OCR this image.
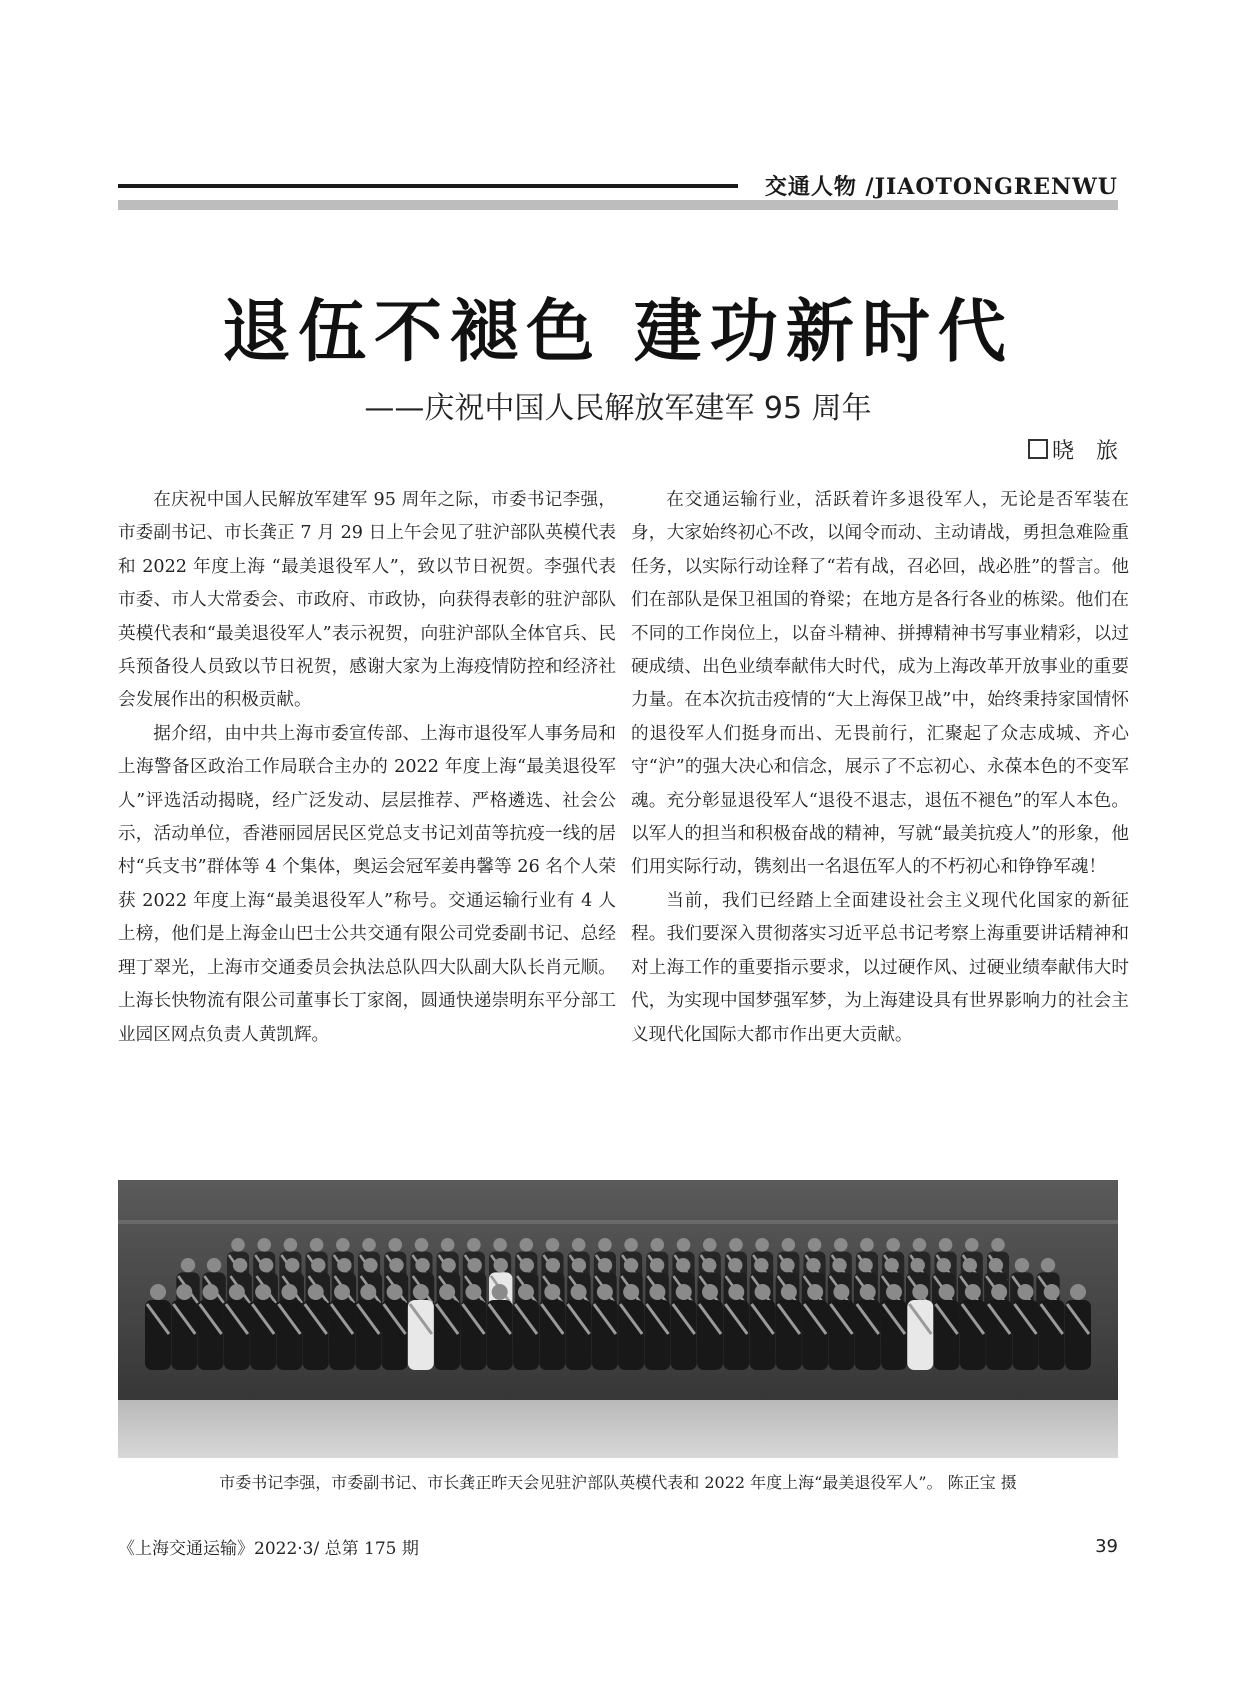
交通人物 /JIAOTONGRENWU
退伍不褪色 建功新时代
——庆祝中国人民解放军建军 95 周年
晓　旅

在庆祝中国人民解放军建军 95 周年之际，市委书记李强，市委副书记、市长龚正 7 月 29 日上午会见了驻沪部队英模代表和 2022 年度上海 “最美退役军人”，致以节日祝贺。李强代表市委、市人大常委会、市政府、市政协，向获得表彰的驻沪部队英模代表和“最美退役军人”表示祝贺，向驻沪部队全体官兵、民兵预备役人员致以节日祝贺，感谢大家为上海疫情防控和经济社会发展作出的积极贡献。

据介绍，由中共上海市委宣传部、上海市退役军人事务局和上海警备区政治工作局联合主办的 2022 年度上海“最美退役军人”评选活动揭晓，经广泛发动、层层推荐、严格遴选、社会公示，活动单位，香港丽园居民区党总支书记刘苗等抗疫一线的居村“兵支书”群体等 4 个集体，奥运会冠军姜冉馨等 26 名个人荣获 2022 年度上海“最美退役军人”称号。交通运输行业有 4 人上榜，他们是上海金山巴士公共交通有限公司党委副书记、总经理丁翠光，上海市交通委员会执法总队四大队副大队长肖元顺。上海长快物流有限公司董事长丁家阁，圆通快递崇明东平分部工业园区网点负责人黄凯辉。

在交通运输行业，活跃着许多退役军人，无论是否军装在身，大家始终初心不改，以闻令而动、主动请战，勇担急难险重任务，以实际行动诠释了“若有战，召必回，战必胜”的誓言。他们在部队是保卫祖国的脊梁；在地方是各行各业的栋梁。他们在不同的工作岗位上，以奋斗精神、拼搏精神书写事业精彩，以过硬成绩、出色业绩奉献伟大时代，成为上海改革开放事业的重要力量。在本次抗击疫情的“大上海保卫战”中，始终秉持家国情怀的退役军人们挺身而出、无畏前行，汇聚起了众志成城、齐心守“沪”的强大决心和信念，展示了不忘初心、永葆本色的不变军魂。充分彰显退役军人“退役不退志，退伍不褪色”的军人本色。以军人的担当和积极奋战的精神，写就“最美抗疫人”的形象，他们用实际行动，镌刻出一名退伍军人的不朽初心和铮铮军魂！

当前，我们已经踏上全面建设社会主义现代化国家的新征程。我们要深入贯彻落实习近平总书记考察上海重要讲话精神和对上海工作的重要指示要求，以过硬作风、过硬业绩奉献伟大时代，为实现中国梦强军梦，为上海建设具有世界影响力的社会主义现代化国际大都市作出更大贡献。

市委书记李强，市委副书记、市长龚正昨天会见驻沪部队英模代表和 2022 年度上海“最美退役军人”。 陈正宝 摄
《上海交通运输》2022·3/ 总第 175 期	39
